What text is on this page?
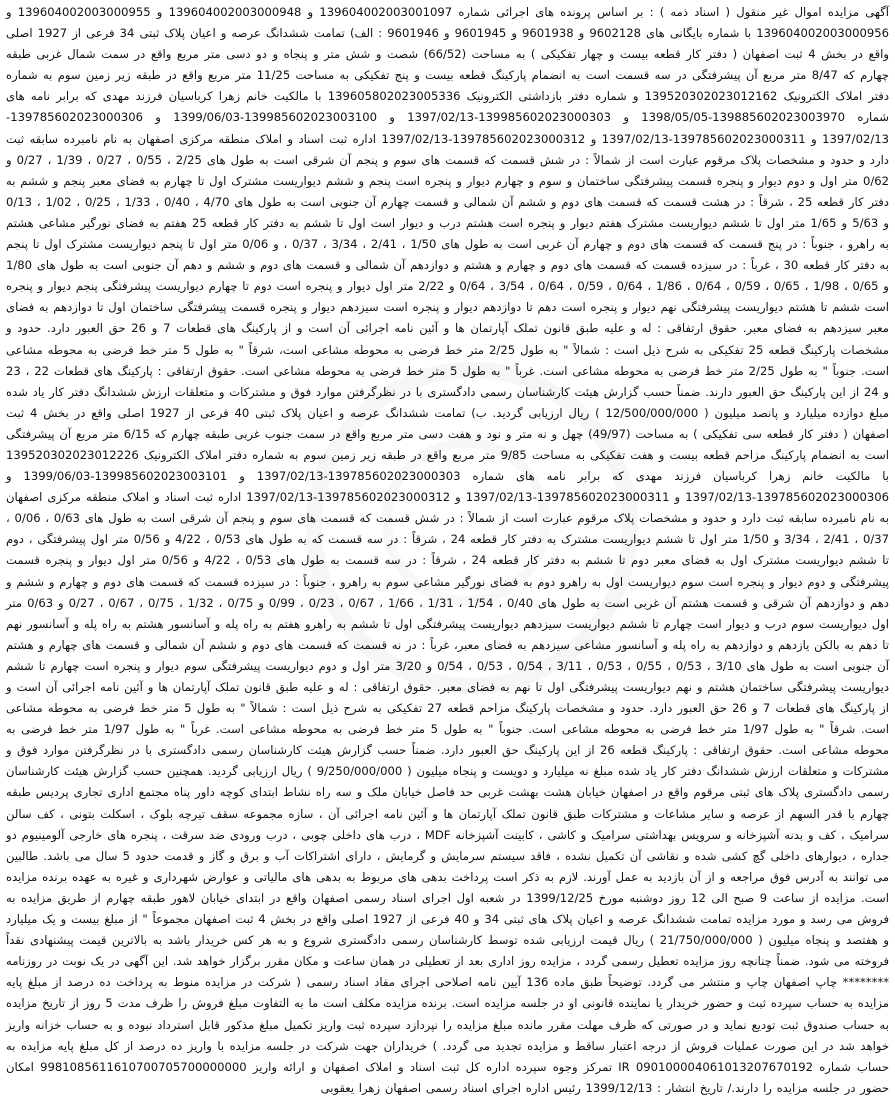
آگهی مزایده اموال غیر منقول ( اسناد ذمه ) : بر اساس پرونده های اجرائی شماره 139604002003001097 و 139604002003000948 و 139604002003000955 و 139604002003000956 با شماره بایگانی های 9602128 و 9601938 و 9601945 و 9601946 : الف) تمامت ششدانگ عرصه و اعیان پلاک ثبتی 34 فرعی از 1927 اصلی واقع در بخش 4 ثبت اصفهان ( دفتر کار قطعه بیست و چهار تفکیکی ) به مساحت (66/52) شصت و شش متر و پنجاه و دو دسی متر مربع واقع در سمت شمال غربی طبقه چهارم که 8/47 متر مربع آن پیشرفتگی در سه قسمت است به انضمام پارکینگ قطعه بیست و پنج تفکیکی به مساحت 11/25 متر مربع واقع در طبقه زیر زمین سوم به شماره دفتر املاک الکترونیک 139520302023012162 و شماره دفتر بازداشتی الکترونیک 139605802023005336 با مالکیت خانم زهرا کرباسیان فرزند مهدی که برابر نامه های شماره 139885602023003970-1398/05/05 و 139985602023000303-1397/02/13 و 139985602023003100-1399/06/03 و 139785602023000306-1397/02/13 و 139785602023000311-1397/02/13 و 139785602023000312-1397/02/13 اداره ثبت اسناد و املاک منطقه مرکزی اصفهان به نام نامبرده سابقه ثبت دارد و حدود و مشخصات پلاک مرقوم عبارت است از شمالاً : در شش قسمت که قسمت های سوم و پنجم آن شرقی است به طول های 2/25 ، 0/55 ، 0/27 ، 1/39 ، 0/27 و 0/62 متر اول و دوم دیوار و پنجره قسمت پیشرفتگی ساختمان و سوم و چهارم دیوار و پنجره است پنجم و ششم دیواریست مشترک اول تا چهارم به فضای معبر پنجم و ششم به دفتر کار قطعه 25 ، شرقاً : در هشت قسمت که قسمت های دوم و ششم آن شمالی و قسمت چهارم آن جنوبی است به طول های 4/70 ، 0/40 ، 1/33 ، 0/25 ، 1/02 ، 0/13 و 5/63 و 1/65 متر اول تا ششم دیواریست مشترک هفتم دیوار و پنجره است هشتم درب و دیوار است اول تا ششم به دفتر کار قطعه 25 هفتم به فضای نورگیر مشاعی هشتم به راهرو ، جنوباً : در پنج قسمت که قسمت های دوم و چهارم آن غربی است به طول های 1/50 ، 2/41 ، 3/34 ، 0/37 ، و 0/06 متر اول تا پنجم دیواریست مشترک اول تا پنجم به دفتر کار قطعه 30 ، غرباً : در سیزده قسمت که قسمت های دوم و چهارم و هشتم و دوازدهم آن شمالی و قسمت های دوم و ششم و دهم آن جنوبی است به طول های 1/80 و 0/65 ، 1/98 ، 0/65 ، 0/59 ، 0/64 ، 1/86 ، 0/64 ، 0/59 ، 0/64 ، 3/54 ، 0/64 و 2/22 متر اول دیوار و پنجره است دوم تا چهارم دیواریست پیشرفتگی پنجم دیوار و پنجره است ششم تا هشتم دیواریست پیشرفتگی نهم دیوار و پنجره است دهم تا دوازدهم دیوار و پنجره است سیزدهم دیوار و پنجره قسمت پیشرفتگی ساختمان اول تا دوازدهم به فضای معبر سیزدهم به فضای معبر. حقوق ارتفاقی : له و علیه طبق قانون تملک آپارتمان ها و آئین نامه اجرائی آن است و از پارکینگ های قطعات 7 و 26 حق العبور دارد. حدود و مشخصات پارکینگ قطعه 25 تفکیکی به شرح ذیل است : شمالاً " به طول 2/25 متر خط فرضی به محوطه مشاعی است، شرقاً " به طول 5 متر خط فرضی به محوطه مشاعی است. جنوباً " به طول 2/25 متر خط فرضی به محوطه مشاعی است. غرباً " به طول 5 متر خط فرضی به محوطه مشاعی است. حقوق ارتفاقی : پارکینگ های قطعات 22 ، 23 و 24 از این پارکینگ حق العبور دارند. ضمناً حسب گزارش هیئت کارشناسان رسمی دادگستری با در نظرگرفتن موارد فوق و مشترکات و متعلقات ارزش ششدانگ دفتر کار یاد شده مبلغ دوازده میلیارد و پانصد میلیون ( 12/500/000/000 ) ریال ارزیابی گردید. ب) تمامت ششدانگ عرصه و اعیان پلاک ثبتی 40 فرعی از 1927 اصلی واقع در بخش 4 ثبت اصفهان ( دفتر کار قطعه سی تفکیکی ) به مساحت (49/97) چهل و نه متر و نود و هفت دسی متر مربع واقع در سمت جنوب غربی طبقه چهارم که 6/15 متر مربع آن پیشرفتگی است به انضمام پارکینگ مزاحم قطعه بیست و هفت تفکیکی به مساحت 9/85 متر مربع واقع در طبقه زیر زمین سوم به شماره دفتر املاک الکترونیک 139520302023012226 با مالکیت خانم زهرا کرباسیان فرزند مهدی که برابر نامه های شماره 139785602023000303-1397/02/13 و 139985602023003101-1399/06/03 و 139785602023000306-1397/02/13 و 139785602023000311-1397/02/13 و 139785602023000312-1397/02/13 اداره ثبت اسناد و املاک منطقه مرکزی اصفهان به نام نامبرده سابقه ثبت دارد و حدود و مشخصات پلاک مرقوم عبارت است از شمالاً : در شش قسمت که قسمت های سوم و پنجم آن شرقی است به طول های 0/63 ، 0/06 ، 0/37 ، 2/41 ، 3/34 و 1/50 متر اول تا ششم دیواریست مشترک به دفتر کار قطعه 24 ، شرقاً : در سه قسمت که به طول های 0/53 ، 4/22 و 0/56 متر اول پیشرفتگی ، دوم تا ششم دیواریست مشترک اول به فضای معبر دوم تا ششم به دفتر کار قطعه 24 ، شرقاً : در سه قسمت به طول های 0/53 ، 4/22 و 0/56 متر اول دیوار و پنجره قسمت پیشرفتگی و دوم دیوار و پنجره است سوم دیواریست اول به راهرو دوم به فضای نورگیر مشاعی سوم به راهرو ، جنوباً : در سیزده قسمت که قسمت های دوم و چهارم و ششم و دهم و دوازدهم آن شرقی و قسمت هشتم آن غربی است به طول های 0/40 ، 1/54 ، 1/31 ، 1/66 ، 0/67 ، 0/23 ، 0/99 و 0/75 ، 1/32 ، 0/75 ، 0/67 ، 0/27 و 0/63 متر اول دیواریست سوم درب و دیوار است چهارم تا ششم دیواریست سیزدهم دیواریست پیشرفتگی اول تا ششم به راهرو هفتم به راه پله و آسانسور هشتم به راه پله و آسانسور نهم تا دهم به بالکن یازدهم و دوازدهم به راه پله و آسانسور مشاعی سیزدهم به فضای معبر، غرباً : در نه قسمت که قسمت های دوم و ششم آن شمالی و قسمت های چهارم و هشتم آن جنوبی است به طول های 3/10 ، 0/53 ، 0/55 ، 0/53 ، 3/11 ، 0/54 ، 0/53 ، 0/54 و 3/20 متر اول و دوم دیواریست پیشرفتگی سوم دیوار و پنجره است چهارم تا ششم دیواریست پیشرفتگی ساختمان هشتم و نهم دیواریست پیشرفتگی اول تا نهم به فضای معبر. حقوق ارتفاقی : له و علیه طبق قانون تملک آپارتمان ها و آئین نامه اجرائی آن است و از پارکینگ های قطعات 7 و 26 حق العبور دارد. حدود و مشخصات پارکینگ مزاحم قطعه 27 تفکیکی به شرح ذیل است : شمالاً " به طول 5 متر خط فرضی به محوطه مشاعی است. شرقاً " به طول 1/97 متر خط فرضی به محوطه مشاعی است. جنوباً " به طول 5 متر خط فرضی به محوطه مشاعی است. غرباً " به طول 1/97 متر خط فرضی به محوطه مشاعی است. حقوق ارتفاقی : پارکینگ قطعه 26 از این پارکینگ حق العبور دارد. ضمناً حسب گزارش هیئت کارشناسان رسمی دادگستری با در نظرگرفتن موارد فوق و مشترکات و متعلقات ارزش ششدانگ دفتر کار یاد شده مبلغ نه میلیارد و دویست و پنجاه میلیون ( 9/250/000/000 ) ریال ارزیابی گردید. همچنین حسب گزارش هیئت کارشناسان رسمی دادگستری پلاک های ثبتی مرقوم واقع در اصفهان خیابان هشت بهشت غربی حد فاصل خیابان ملک و سه راه نشاط ابتدای کوچه داور پناه مجتمع اداری تجاری پردیس طبقه چهارم با قدر السهم از عرصه و سایر مشاعات و مشترکات طبق قانون تملک آپارتمان ها و آئین نامه اجرائی آن ، سازه مجموعه سقف تیرچه بلوک ، اسکلت بتونی ، کف سالن سرامیک ، کف و بدنه آشپزخانه و سرویس بهداشتی سرامیک و کاشی ، کابینت آشپزخانه MDF ، درب های داخلی چوبی ، درب ورودی ضد سرقت ، پنجره های خارجی آلومینیوم دو جداره ، دیوارهای داخلی گچ کشی شده و نقاشی آن تکمیل نشده ، فاقد سیستم سرمایش و گرمایش ، دارای اشتراکات آب و برق و گاز و قدمت حدود 5 سال می باشد. طالبین می توانند به آدرس فوق مراجعه و از آن بازدید به عمل آورند. لازم به ذکر است پرداخت بدهی های مربوط به بدهی های مالیاتی و عوارض شهرداری و غیره به عهده برنده مزایده است. مزایده از ساعت 9 صبح الی 12 روز دوشنبه مورخ 1399/12/25 در شعبه اول اجرای اسناد رسمی اصفهان واقع در ابتدای خیابان لاهور طبقه چهارم از طریق مزایده به فروش می رسد و مورد مزایده تمامت ششدانگ عرصه و اعیان پلاک های ثبتی 34 و 40 فرعی از 1927 اصلی واقع در بخش 4 ثبت اصفهان مجموعاً " از مبلغ بیست و یک میلیارد و هفتصد و پنجاه میلیون ( 21/750/000/000 ) ریال قیمت ارزیابی شده توسط کارشناسان رسمی دادگستری شروع و به هر کس خریدار باشد به بالاترین قیمت پیشنهادی نقداً فروخته می شود. ضمناً چنانچه روز مزایده تعطیل رسمی گردد ، مزایده روز اداری بعد از تعطیلی در همان ساعت و مکان مقرر برگزار خواهد شد. این آگهی در یک نوبت در روزنامه ******** چاپ اصفهان چاپ و منتشر می گردد. توضیحاً طبق ماده 136 آیین نامه اصلاحی اجرای مفاد اسناد رسمی ( شرکت در مزایده منوط به پرداخت ده درصد از مبلغ پایه مزایده به حساب سپرده ثبت و حضور خریدار یا نماینده قانونی او در جلسه مزایده است. برنده مزایده مکلف است ما به التفاوت مبلغ فروش را ظرف مدت 5 روز از تاریخ مزایده به حساب صندوق ثبت تودیع نماید و در صورتی که ظرف مهلت مقرر مانده مبلغ مزایده را نپردازد سپرده ثبت واریز تکمیل مبلغ مذکور قابل استرداد نبوده و به حساب خزانه واریز خواهد شد در این صورت عملیات فروش از درجه اعتبار ساقط و مزایده تجدید می گردد. ) خریداران جهت شرکت در جلسه مزایده با واریز ده درصد از کل مبلغ پایه مزایده به حساب شماره IR 090100004061013207670192 تمرکز وجوه سپرده اداره کل ثبت اسناد و املاک اصفهان و ارائه واریز 9981085611610700705700000000 امکان حضور در جلسه مزایده را دارند./ تاریخ انتشار : 1399/12/13 رئیس اداره اجرای اسناد رسمی اصفهان زهرا یعقوبی
